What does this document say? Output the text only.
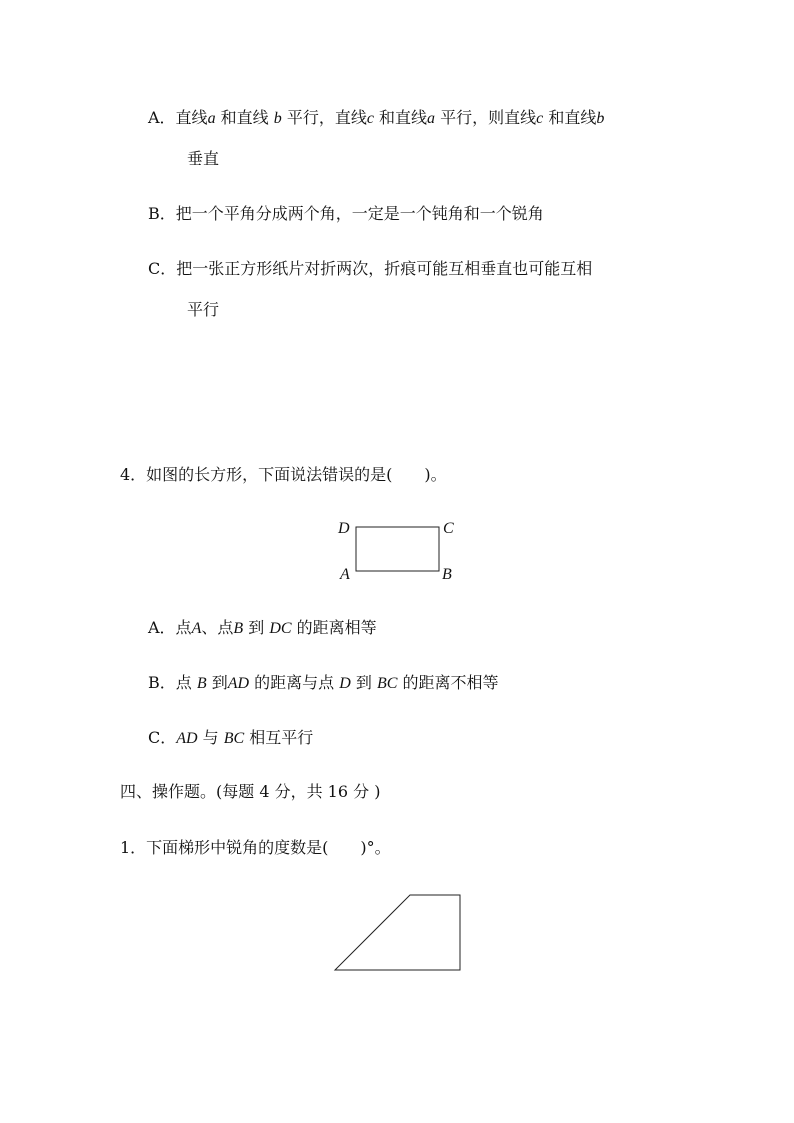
A．直线a 和直线 b 平行，直线c 和直线a 平行，则直线c 和直线b
垂直
B．把一个平角分成两个角，一定是一个钝角和一个锐角
C．把一张正方形纸片对折两次，折痕可能互相垂直也可能互相
平行
4．如图的长方形，下面说法错误的是(　　)。
D	C
A	B
A．点A、点B 到 DC 的距离相等
B．点 B 到AD 的距离与点 D 到 BC 的距离不相等
C．AD 与 BC 相互平行
四、操作题。(每题 4 分，共 16 分 )
1．下面梯形中锐角的度数是(　　)°。
